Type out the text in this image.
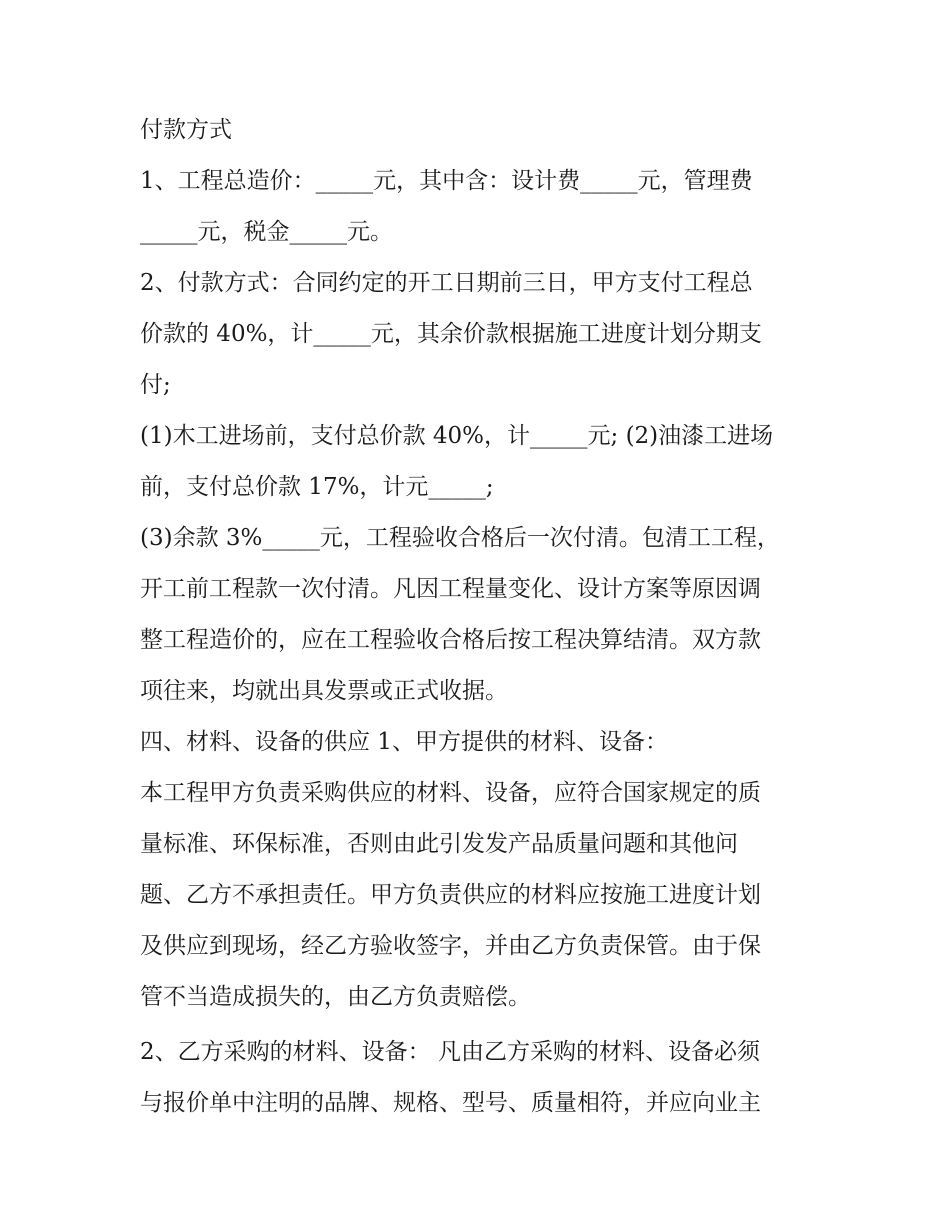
付款方式
1、工程总造价：_____元，其中含：设计费_____元，管理费
_____元，税金_____元。
2、付款方式：合同约定的开工日期前三日，甲方支付工程总
价款的 40%，计_____元，其余价款根据施工进度计划分期支
付;
(1)木工进场前，支付总价款 40%，计_____元; (2)油漆工进场
前，支付总价款 17%，计元_____;
(3)余款 3%_____元，工程验收合格后一次付清。包清工工程，
开工前工程款一次付清。凡因工程量变化、设计方案等原因调
整工程造价的，应在工程验收合格后按工程决算结清。双方款
项往来，均就出具发票或正式收据。
四、材料、设备的供应 1、甲方提供的材料、设备：
本工程甲方负责采购供应的材料、设备，应符合国家规定的质
量标准、环保标准，否则由此引发发产品质量问题和其他问
题、乙方不承担责任。甲方负责供应的材料应按施工进度计划
及供应到现场，经乙方验收签字，并由乙方负责保管。由于保
管不当造成损失的，由乙方负责赔偿。
2、乙方采购的材料、设备： 凡由乙方采购的材料、设备必须
与报价单中注明的品牌、规格、型号、质量相符，并应向业主
